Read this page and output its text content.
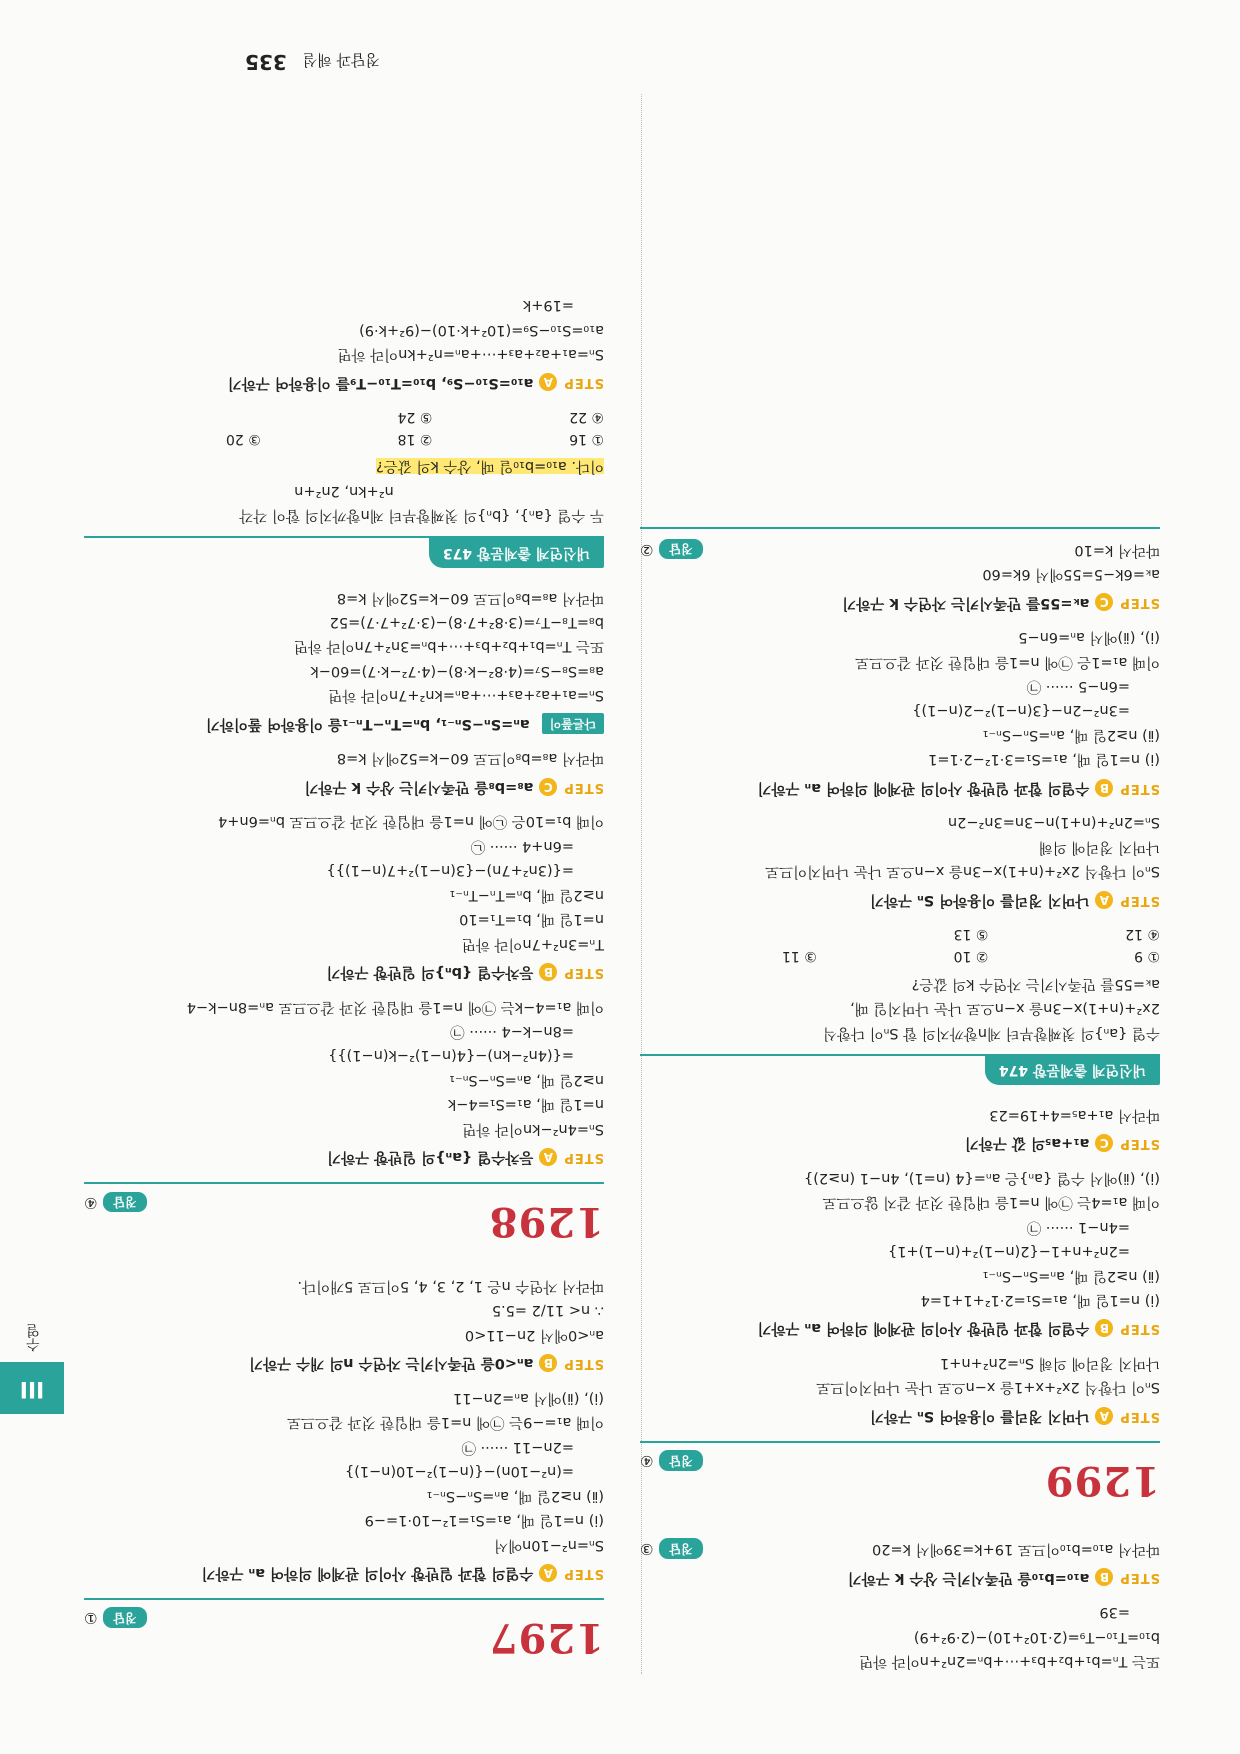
III
수열
1297
정답
①
STEP
A
수열의 합과 일반항 사이의 관계에 의하여 aₙ 구하기
Sₙ=n²−10n에서
(ⅰ) n=1일 때, a₁=S₁=1²−10·1=−9
(ⅱ) n≥2일 때, aₙ=Sₙ−Sₙ₋₁
=(n²−10n)−{(n−1)²−10(n−1)}
=2n−11 ······ ㉠
이때 a₁=−9는 ㉠에 n=1을 대입한 것과 같으므로
(ⅰ), (ⅱ)에서 aₙ=2n−11
STEP
B
aₙ<0을 만족시키는 자연수 n의 개수 구하기
aₙ<0에서 2n−11<0
∴ n< 11/2 =5.5
따라서 자연수 n은 1, 2, 3, 4, 5이므로 5개이다.
1298
정답
④
STEP
A
등차수열 {aₙ}의 일반항 구하기
Sₙ=4n²−kn이라 하면
n=1일 때, a₁=S₁=4−k
n≥2일 때, aₙ=Sₙ−Sₙ₋₁
={(4n²−kn)−{4(n−1)²−k(n−1)}}
=8n−k−4 ······ ㉠
이때 a₁=4−k는 ㉠에 n=1을 대입한 것과 같으므로 aₙ=8n−k−4
STEP
B
등차수열 {bₙ}의 일반항 구하기
Tₙ=3n²+7n이라 하면
n=1일 때, b₁=T₁=10
n≥2일 때, bₙ=Tₙ−Tₙ₋₁
={(3n²+7n)−{3(n−1)²+7(n−1)}}
=6n+4 ······ ㉡
이때 b₁=10은 ㉡에 n=1을 대입한 것과 같으므로 bₙ=6n+4
STEP
C
a₈=b₈을 만족시키는 상수 k 구하기
따라서 a₈=b₈이므로 60−k=52에서 k=8
다른풀이
aₙ=Sₙ−Sₙ₋₁, bₙ=Tₙ−Tₙ₋₁을 이용하여 풀이하기
Sₙ=a₁+a₂+a₃+⋯+aₙ=kn²+7n이라 하면
a₈=S₈−S₇=(4·8²−k·8)−(4·7²−k·7)=60−k
또는 Tₙ=b₁+b₂+b₃+⋯+bₙ=3n²+7n이라 하면
b₈=T₈−T₇=(3·8²+7·8)−(3·7²+7·7)=52
따라서 a₈=b₈이므로 60−k=52에서 k=8
내신연계 출제문항 473
두 수열 {aₙ}, {bₙ}의 첫째항부터 제n항까지의 합이 각각
n²+kn, 2n²+n
이다. a₁₀=b₁₀일 때, 상수 k의 값은?
① 16
② 18
③ 20
④ 22
⑤ 24
STEP
A
a₁₀=S₁₀−S₉, b₁₀=T₁₀−T₉를 이용하여 구하기
Sₙ=a₁+a₂+a₃+⋯+aₙ=n²+kn이라 하면
a₁₀=S₁₀−S₉=(10²+k·10)−(9²+k·9)
=19+k
또는 Tₙ=b₁+b₂+b₃+⋯+bₙ=2n²+n이라 하면
b₁₀=T₁₀−T₉=(2·10²+10)−(2·9²+9)
=39
STEP
B
a₁₀=b₁₀을 만족시키는 상수 k 구하기
따라서 a₁₀=b₁₀이므로 19+k=39에서 k=20
정답
③
1299
정답
④
STEP
A
나머지 정리를 이용하여 Sₙ 구하기
Sₙ이 다항식 2x²+x+1을 x−n으로 나눈 나머지이므로
나머지 정리에 의해 Sₙ=2n²+n+1
STEP
B
수열의 합과 일반항 사이의 관계에 의하여 aₙ 구하기
(ⅰ) n=1일 때, a₁=S₁=2·1²+1+1=4
(ⅱ) n≥2일 때, aₙ=Sₙ−Sₙ₋₁
=2n²+n+1−{2(n−1)²+(n−1)+1}
=4n−1 ······ ㉠
이때 a₁=4는 ㉠에 n=1을 대입한 것과 같지 않으므로
(ⅰ), (ⅱ)에서 수열 {aₙ}은 aₙ={4 (n=1), 4n−1 (n≥2)}
STEP
C
a₁+a₅의 값 구하기
따라서 a₁+a₅=4+19=23
내신연계 출제문항 474
수열 {aₙ}의 첫째항부터 제n항까지의 합 Sₙ이 다항식
2x²+(n+1)x−3n을 x−n으로 나눈 나머지일 때,
aₖ=55를 만족시키는 자연수 k의 값은?
① 9
② 10
③ 11
④ 12
⑤ 13
STEP
A
나머지 정리를 이용하여 Sₙ 구하기
Sₙ이 다항식 2x²+(n+1)x−3n을 x−n으로 나눈 나머지이므로
나머지 정리에 의해
Sₙ=2n²+(n+1)n−3n=3n²−2n
STEP
B
수열의 합과 일반항 사이의 관계에 의하여 aₙ 구하기
(ⅰ) n=1일 때, a₁=S₁=3·1²−2·1=1
(ⅱ) n≥2일 때, aₙ=Sₙ−Sₙ₋₁
=3n²−2n−{3(n−1)²−2(n−1)}
=6n−5 ······ ㉠
이때 a₁=1은 ㉠에 n=1을 대입한 것과 같으므로
(ⅰ), (ⅱ)에서 aₙ=6n−5
STEP
C
aₖ=55를 만족시키는 자연수 k 구하기
aₖ=6k−5=55에서 6k=60
따라서 k=10
정답
②
정답과 해설
335
